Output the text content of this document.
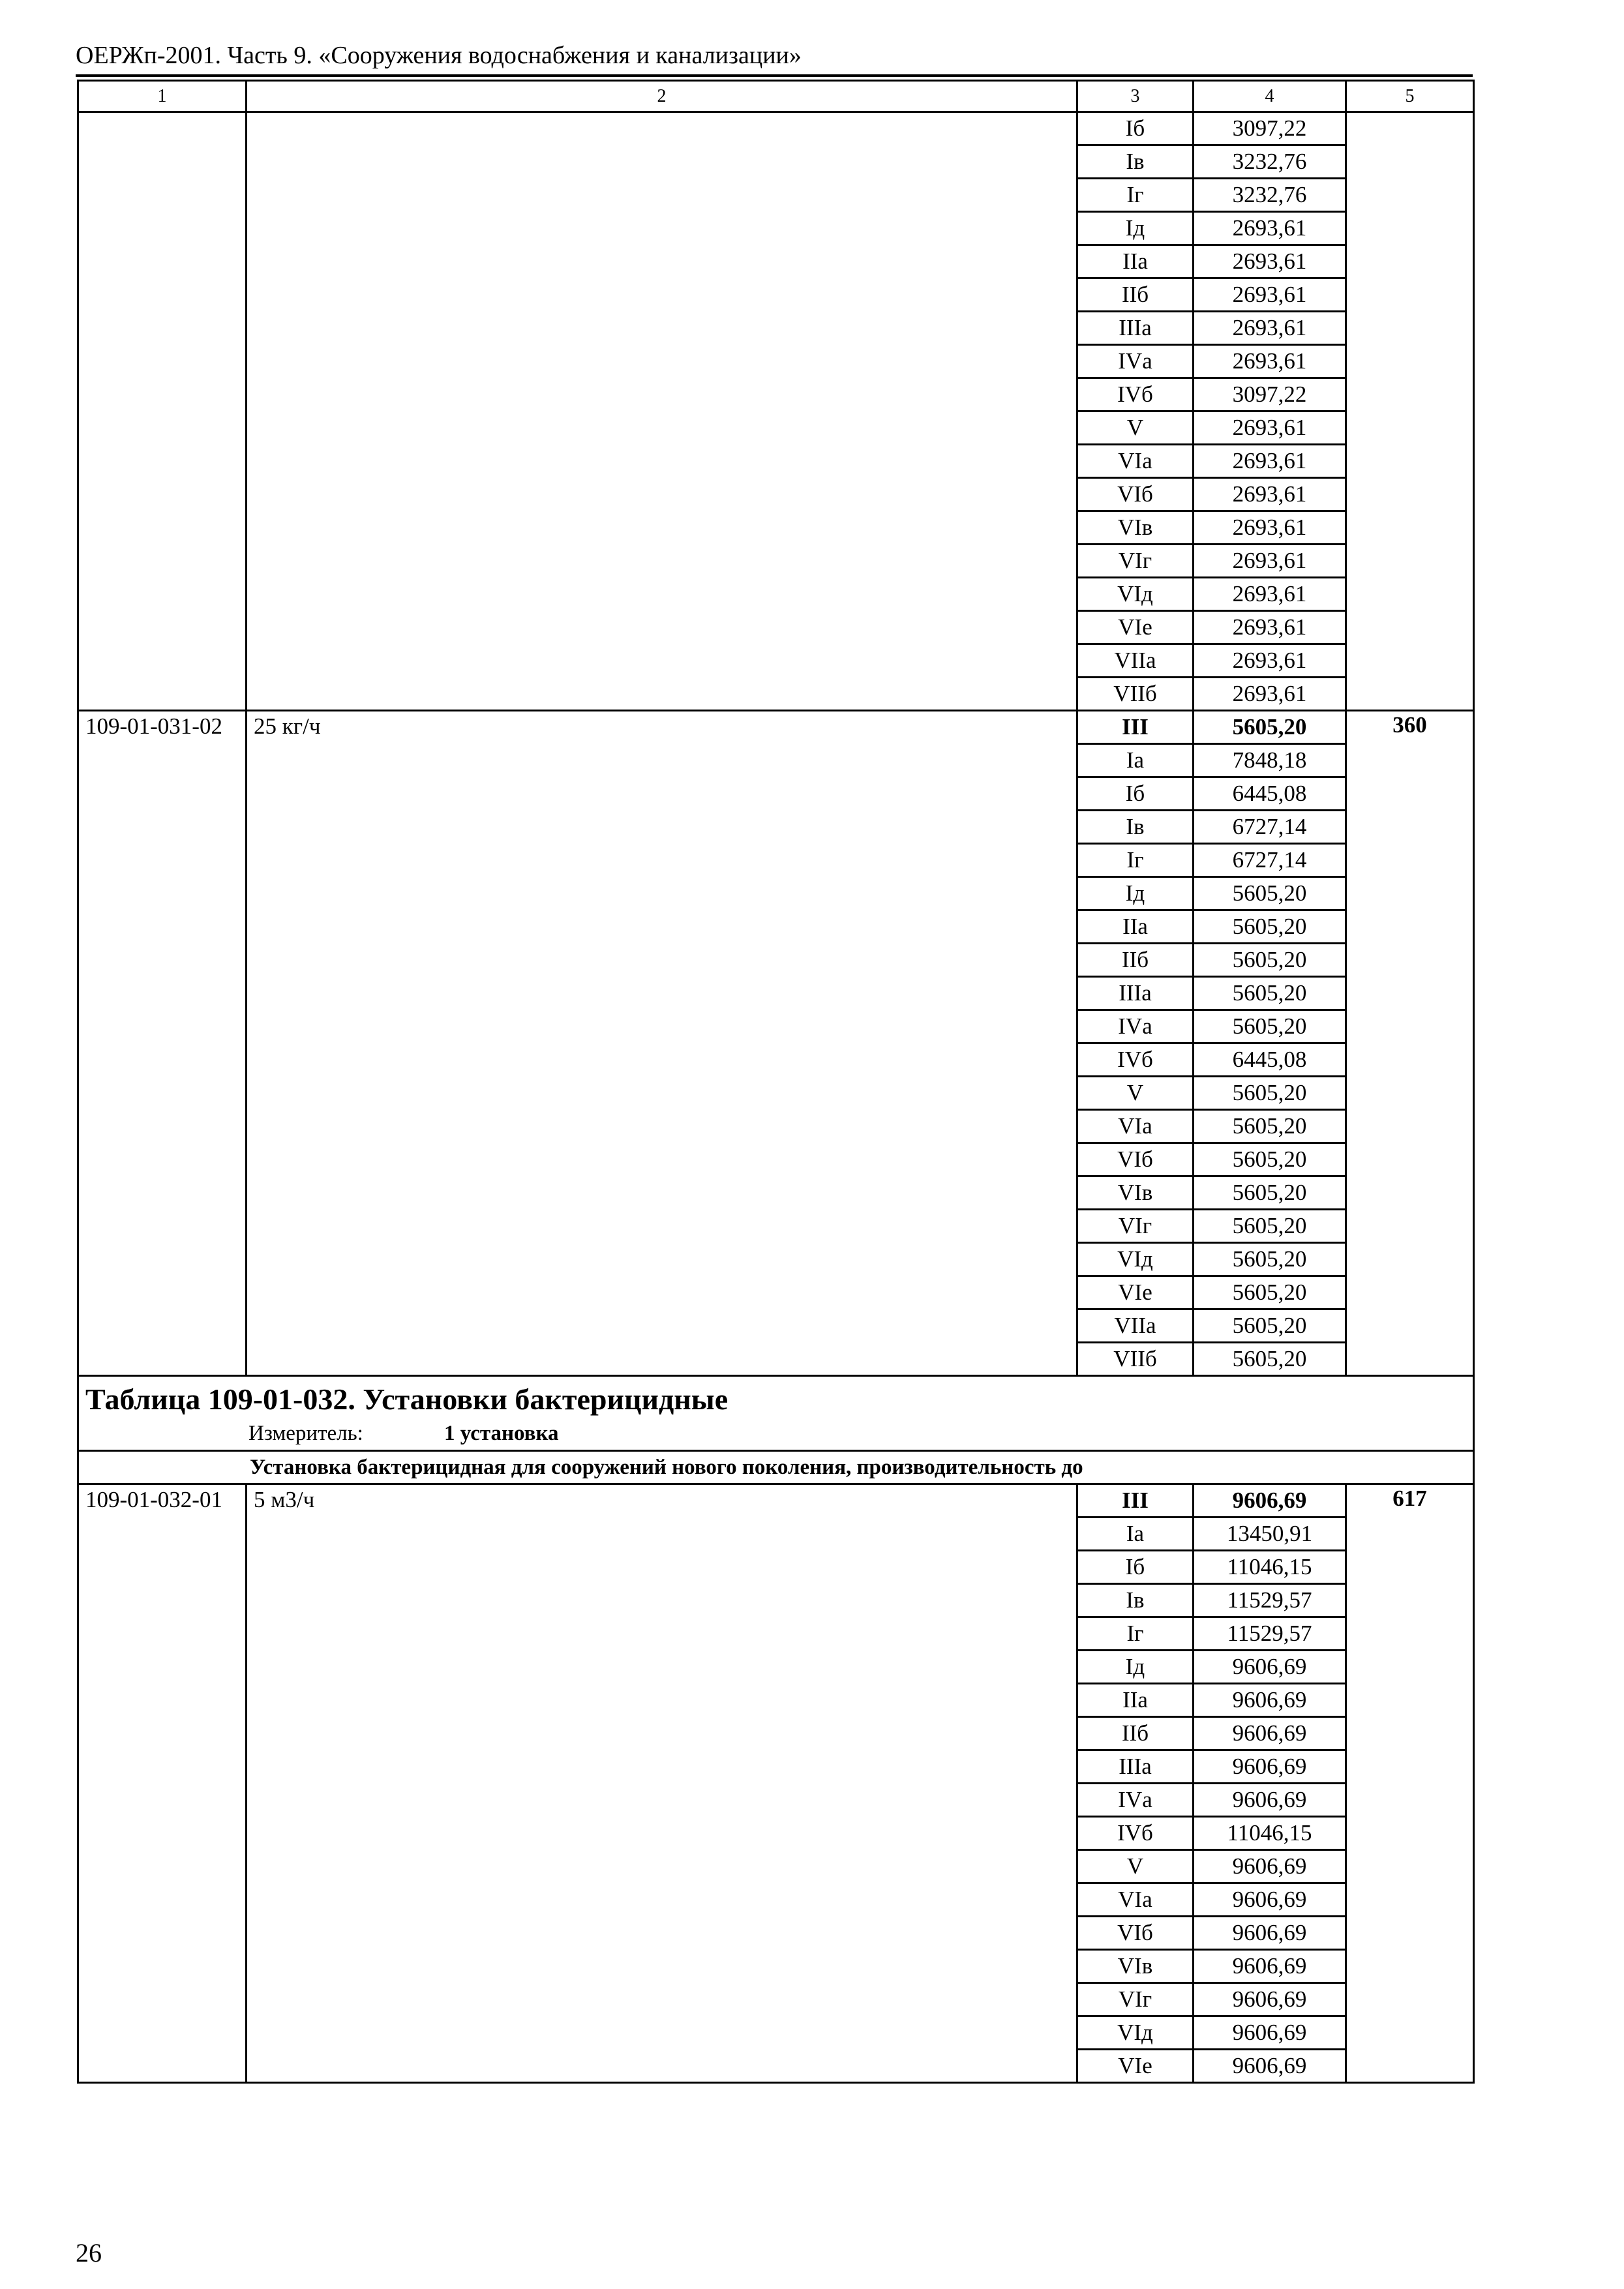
ОЕРЖп-2001. Часть 9. «Сооружения водоснабжения и канализации»
1	2	3	4	5
		Iб	3097,22	
		Iв	3232,76	
		Iг	3232,76	
		Iд	2693,61	
		IIа	2693,61	
		IIб	2693,61	
		IIIа	2693,61	
		IVа	2693,61	
		IVб	3097,22	
		V	2693,61	
		VIа	2693,61	
		VIб	2693,61	
		VIв	2693,61	
		VIг	2693,61	
		VIд	2693,61	
		VIе	2693,61	
		VIIа	2693,61	
		VIIб	2693,61	
109-01-031-02	25 кг/ч	III	5605,20	360
		Iа	7848,18	
		Iб	6445,08	
		Iв	6727,14	
		Iг	6727,14	
		Iд	5605,20	
		IIа	5605,20	
		IIб	5605,20	
		IIIа	5605,20	
		IVа	5605,20	
		IVб	6445,08	
		V	5605,20	
		VIа	5605,20	
		VIб	5605,20	
		VIв	5605,20	
		VIг	5605,20	
		VIд	5605,20	
		VIе	5605,20	
		VIIа	5605,20	
		VIIб	5605,20	

Таблица 109-01-032. Установки бактерицидные
Измеритель: 1 установка				

Установка бактерицидная для сооружений нового поколения, производительность до				
109-01-032-01	5 м3/ч	III	9606,69	617
		Iа	13450,91	
		Iб	11046,15	
		Iв	11529,57	
		Iг	11529,57	
		Iд	9606,69	
		IIа	9606,69	
		IIб	9606,69	
		IIIа	9606,69	
		IVа	9606,69	
		IVб	11046,15	
		V	9606,69	
		VIа	9606,69	
		VIб	9606,69	
		VIв	9606,69	
		VIг	9606,69	
		VIд	9606,69	
		VIе	9606,69	
26
